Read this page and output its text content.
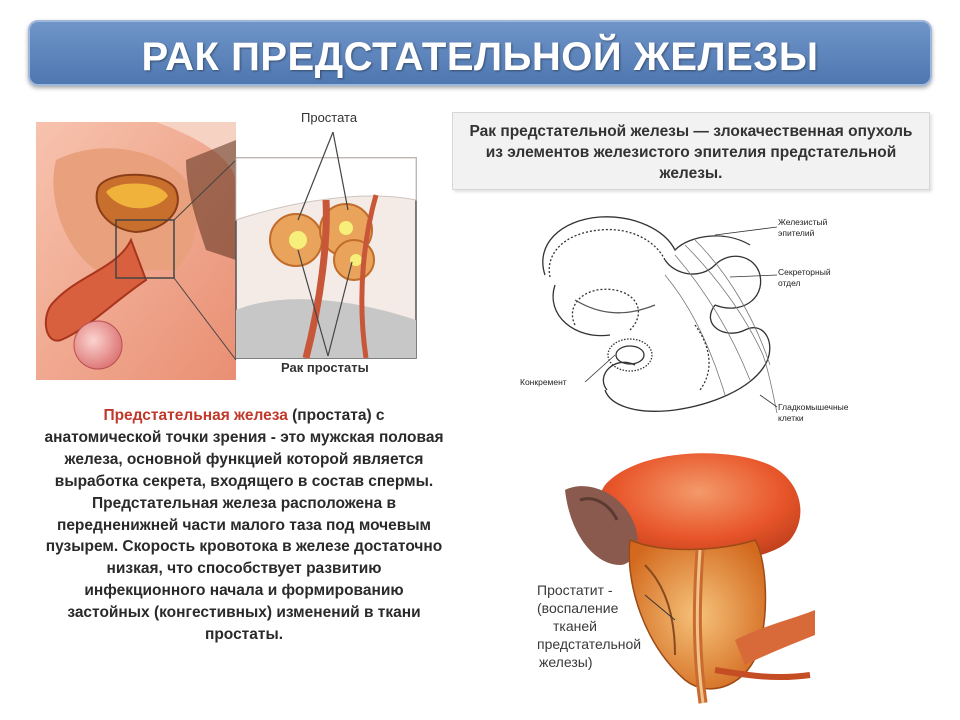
РАК ПРЕДСТАТЕЛЬНОЙ ЖЕЛЕЗЫ
Простата
Рак простаты
Рак предстательной железы — злокачественная опухоль из элементов железистого эпителия предстательной железы.
Железистый
эпителий
Секреторный
отдел
Конкремент
Гладкомышечные
клетки
Предстательная железа (простата) с анатомической точки зрения - это мужская половая железа, основной функцией которой является выработка секрета, входящего в состав спермы. Предстательная железа расположена в передненижней части малого таза под мочевым пузырем. Скорость кровотока в железе достаточно низкая, что способствует развитию инфекционного начала и формированию застойных (конгестивных) изменений в ткани простаты.
Простатит -
(воспаление
тканей
предстательной
железы)
